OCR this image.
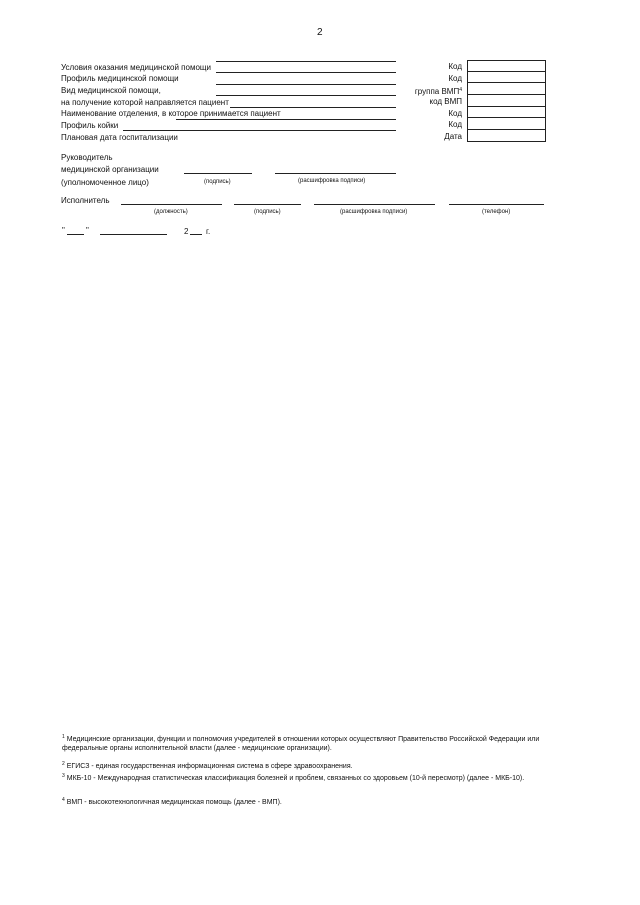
2
Условия оказания медицинской помощи	Код
Профиль медицинской помощи	Код
Вид медицинской помощи,	группа ВМП$^4$
на получение которой направляется пациент	код ВМП
Наименование отделения, в которое принимается пациент	Код
Профиль койки	Код
Плановая дата госпитализации	Дата
Руководитель
медицинской организации
(уполномоченное лицо)	(подпись)	(расшифровка подписи)
Исполнитель
(должность)	(подпись)	(расшифровка подписи)	(телефон)
"	"	2 г.
$^1$ Медицинские организации, функции и полномочия учредителей в отношении которых осуществляют Правительство Российской Федерации или федеральные органы исполнительной власти (далее - медицинские организации).
$^2$ ЕГИСЗ - единая государственная информационная система в сфере здравоохранения.
$^3$ МКБ-10 - Международная статистическая классификация болезней и проблем, связанных со здоровьем (10-й пересмотр) (далее - МКБ-10).
$^4$ ВМП - высокотехнологичная медицинская помощь (далее - ВМП).
